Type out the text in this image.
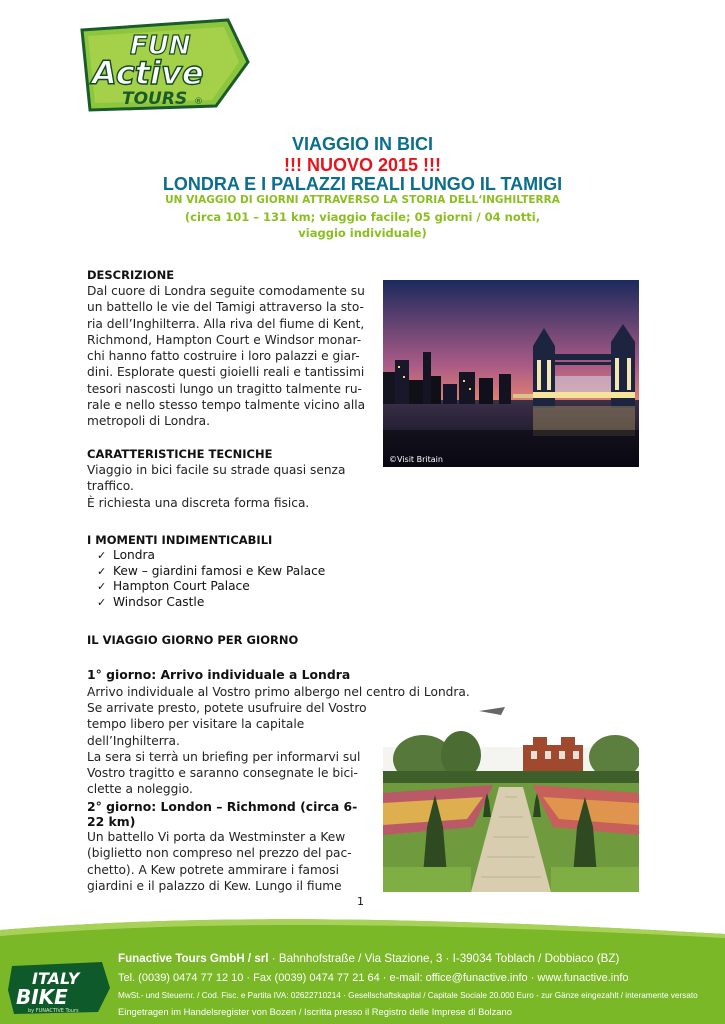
FUN
Active
TOURS ®
VIAGGIO IN BICI
!!! NUOVO 2015 !!!
LONDRA E I PALAZZI REALI LUNGO IL TAMIGI
UN VIAGGIO DI GIORNI ATTRAVERSO LA STORIA DELL‘INGHILTERRA
(circa 101 – 131 km; viaggio facile; 05 giorni / 04 notti,
viaggio individuale)
DESCRIZIONE
Dal cuore di Londra seguite comodamente su
un battello le vie del Tamigi attraverso la sto-
ria dell’Inghilterra. Alla riva del fiume di Kent,
Richmond, Hampton Court e Windsor monar-
chi hanno fatto costruire i loro palazzi e giar-
dini. Esplorate questi gioielli reali e tantissimi
tesori nascosti lungo un tragitto talmente ru-
rale e nello stesso tempo talmente vicino alla
metropoli di Londra.
©Visit Britain
CARATTERISTICHE TECNICHE
Viaggio in bici facile su strade quasi senza
traffico.
È richiesta una discreta forma fisica.
I MOMENTI INDIMENTICABILI
✓ Londra
✓ Kew – giardini famosi e Kew Palace
✓ Hampton Court Palace
✓ Windsor Castle
IL VIAGGIO GIORNO PER GIORNO
1° giorno: Arrivo individuale a Londra
Arrivo individuale al Vostro primo albergo nel centro di Londra.
Se arrivate presto, potete usufruire del Vostro
tempo libero per visitare la capitale
dell’Inghilterra.
La sera si terrà un briefing per informarvi sul
Vostro tragitto e saranno consegnate le bici-
clette a noleggio.
2° giorno: London – Richmond (circa 6-
22 km)
Un battello Vi porta da Westminster a Kew
(biglietto non compreso nel prezzo del pac-
chetto). A Kew potrete ammirare i famosi
giardini e il palazzo di Kew. Lungo il fiume
1
ITALY
BIKE
by FUNACTIVE Tours
Funactive Tours GmbH / srl · Bahnhofstraße / Via Stazione, 3 · I-39034 Toblach / Dobbiaco (BZ)
Tel. (0039) 0474 77 12 10 · Fax (0039) 0474 77 21 64 · e-mail: office@funactive.info · www.funactive.info
MwSt.- und Steuernr. / Cod. Fisc. e Partita IVA: 02622710214 · Gesellschaftskapital / Capitale Sociale 20.000 Euro - zur Gänze eingezahlt / interamente versato
Eingetragen im Handelsregister von Bozen / Iscritta presso il Registro delle Imprese di Bolzano
